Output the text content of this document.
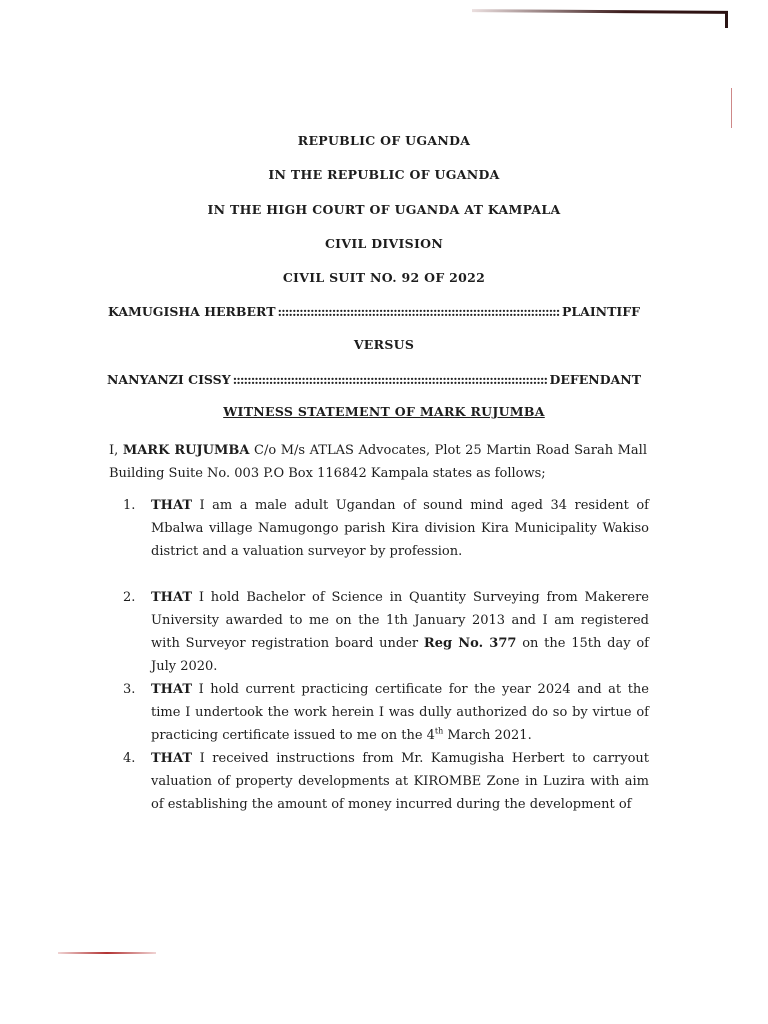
REPUBLIC OF UGANDA
IN THE REPUBLIC OF UGANDA
IN THE HIGH COURT OF UGANDA AT KAMPALA
CIVIL DIVISION
CIVIL SUIT NO. 92 OF 2022
KAMUGISHA HERBERT ::::::::::::::::::::::::::::::::::::::::::::::::::::::::::::::::::::::::::::::::::::::::::::::::::::::::::::::::::::::::::::::::::::::::::::::::::::::::::::::::::::	PLAINTIFF
VERSUS
NANYANZI CISSY ::::::::::::::::::::::::::::::::::::::::::::::::::::::::::::::::::::::::::::::::::::::::::::::::::::::::::::::::::::::::::::::::::::::::::::::::::::::::::::::::::::	DEFENDANT
WITNESS STATEMENT OF MARK RUJUMBA
I, MARK RUJUMBA C/o M/s ATLAS Advocates, Plot 25 Martin Road Sarah Mall Building Suite No. 003 P.O Box 116842 Kampala states as follows;
1.	THAT I am a male adult Ugandan of sound mind aged 34 resident of Mbalwa village Namugongo parish Kira division Kira Municipality Wakiso district and a valuation surveyor by profession.
2.	THAT I hold Bachelor of Science in Quantity Surveying from Makerere University awarded to me on the 1th January 2013 and I am registered with Surveyor registration board under Reg No. 377 on the 15th day of July 2020.
3.	THAT I hold current practicing certificate for the year 2024 and at the time I undertook the work herein I was dully authorized do so by virtue of practicing certificate issued to me on the 4th March 2021.
4.	THAT I received instructions from Mr. Kamugisha Herbert to carryout valuation of property developments at KIROMBE Zone in Luzira with aim of establishing the amount of money incurred during the development of
